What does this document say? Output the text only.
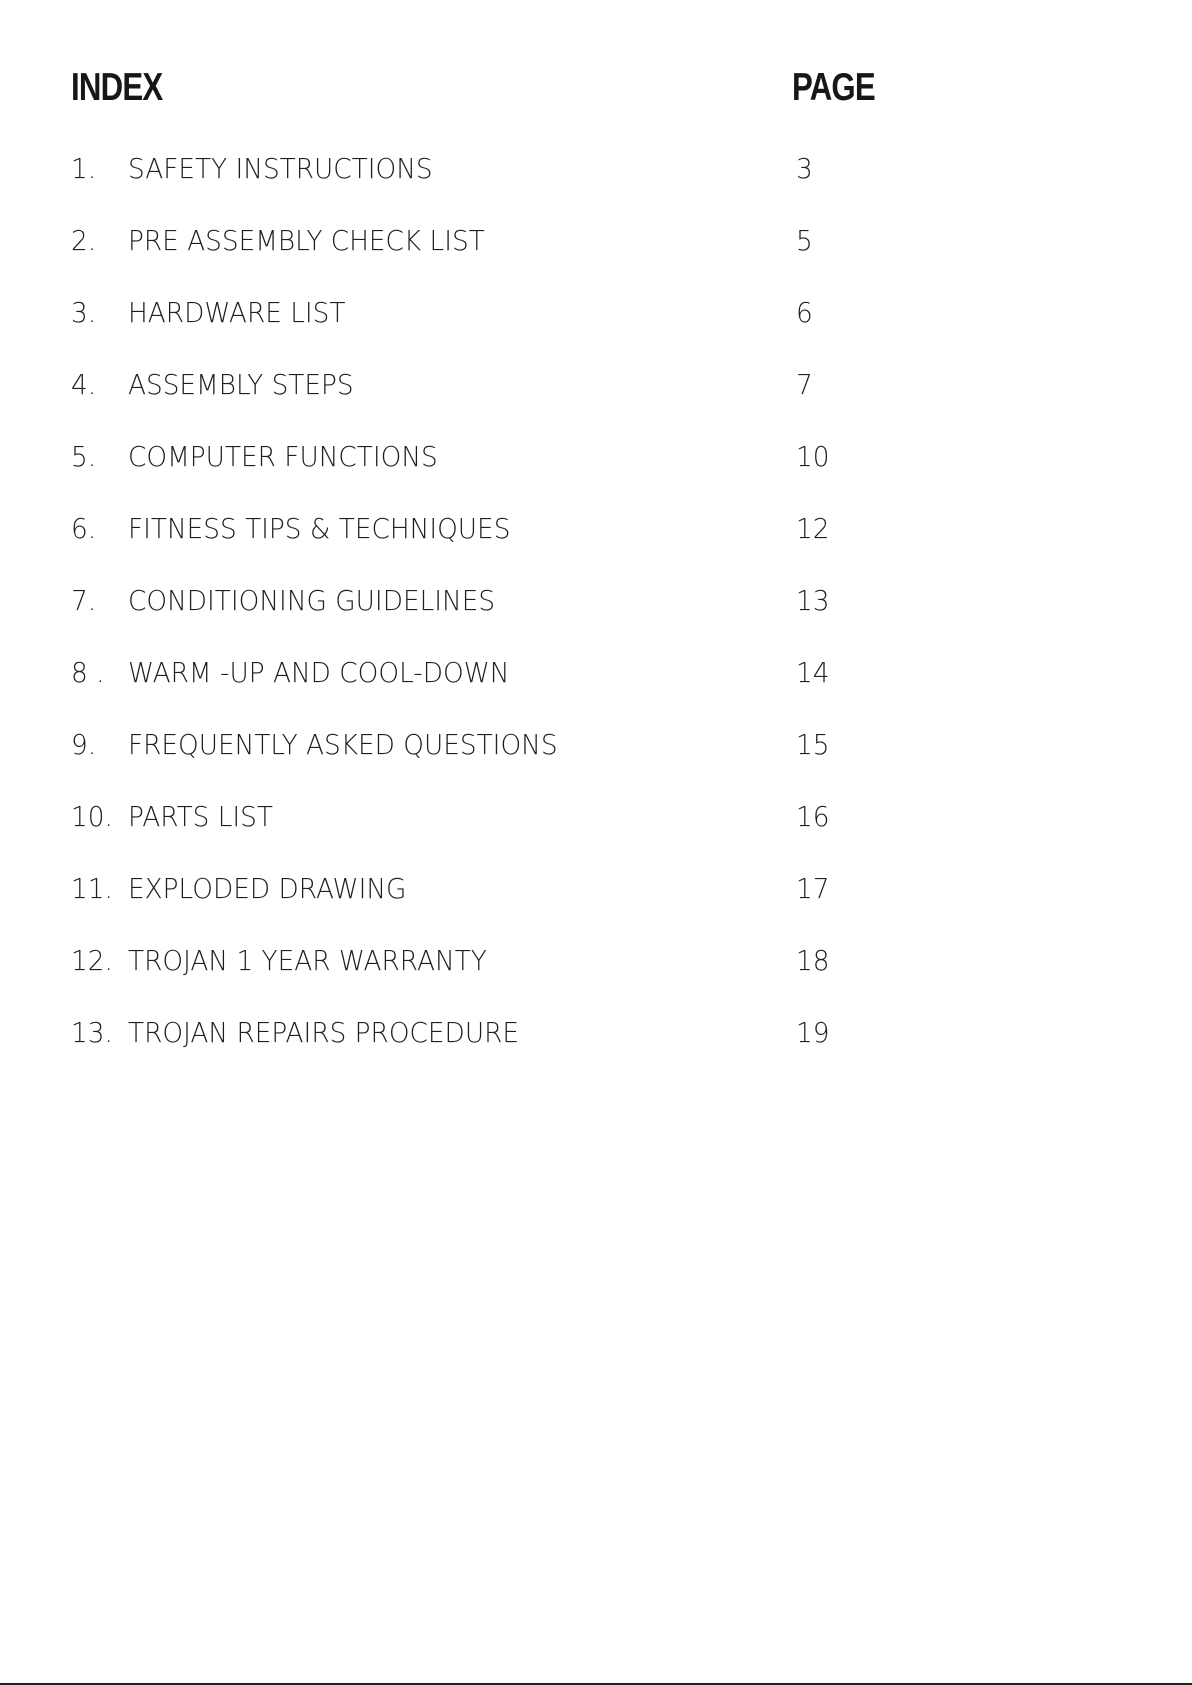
INDEX	PAGE
1. SAFETY INSTRUCTIONS	3
2. PRE ASSEMBLY CHECK LIST	5
3. HARDWARE LIST	6
4. ASSEMBLY STEPS	7
5. COMPUTER FUNCTIONS	10
6. FITNESS TIPS & TECHNIQUES	12
7. CONDITIONING GUIDELINES	13
8 . WARM -UP AND COOL-DOWN	14
9. FREQUENTLY ASKED QUESTIONS	15
10. PARTS LIST	16
11. EXPLODED DRAWING	17
12. TROJAN 1 YEAR WARRANTY	18
13. TROJAN REPAIRS PROCEDURE	19
